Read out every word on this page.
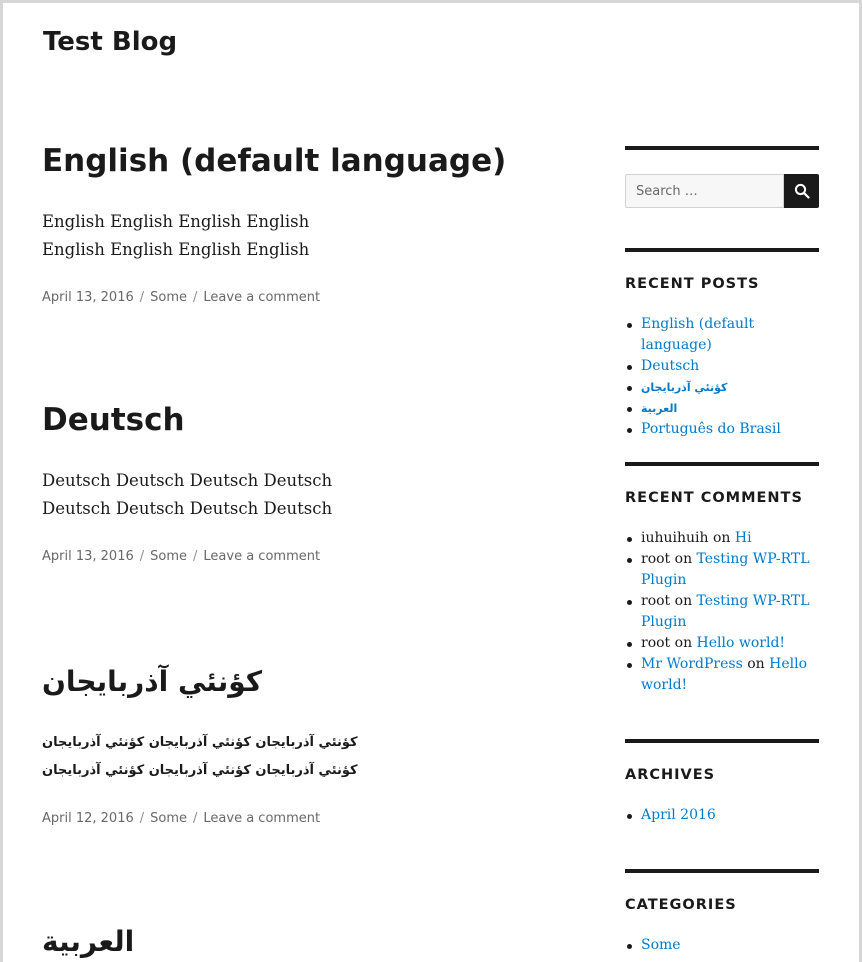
Test Blog
English (default language)
English English English English
English English English English
April 13, 2016 / Some / Leave a comment
Deutsch
Deutsch Deutsch Deutsch Deutsch
Deutsch Deutsch Deutsch Deutsch
April 13, 2016 / Some / Leave a comment
کؤنئي آذربايجان
کؤنئي آذربايجان کؤنئي آذربايجان کؤنئي آذربايجان
کؤنئي آذربايجان کؤنئي آذربايجان کؤنئي آذربايجان
April 12, 2016 / Some / Leave a comment
العربية
Search …
RECENT POSTS
English (default language)
Deutsch
کؤنئي آذربايجان
العربية
Português do Brasil
RECENT COMMENTS
iuhuihuih on Hi
root on Testing WP-RTL Plugin
root on Testing WP-RTL Plugin
root on Hello world!
Mr WordPress on Hello world!
ARCHIVES
April 2016
CATEGORIES
Some
